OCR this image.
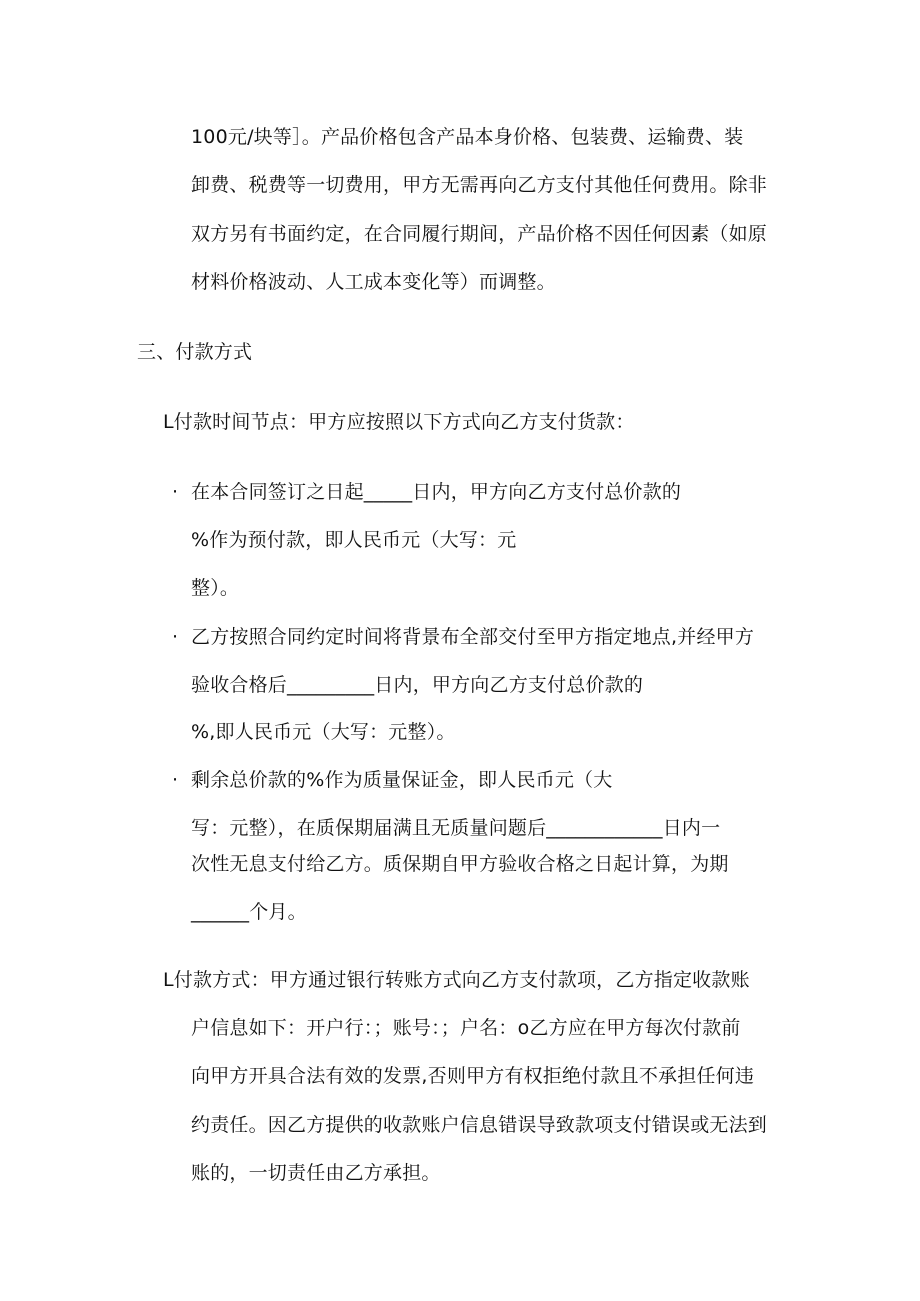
100元/块等］。产品价格包含产品本身价格、包装费、运输费、装
卸费、税费等一切费用，甲方无需再向乙方支付其他任何费用。除非
双方另有书面约定，在合同履行期间，产品价格不因任何因素（如原
材料价格波动、人工成本变化等）而调整。
三、付款方式
L付款时间节点：甲方应按照以下方式向乙方支付货款：
· 在本合同签订之日起_____日内，甲方向乙方支付总价款的
%作为预付款，即人民币元（大写：元
整）。
· 乙方按照合同约定时间将背景布全部交付至甲方指定地点,并经甲方
验收合格后_________日内，甲方向乙方支付总价款的
%,即人民币元（大写：元整）。
· 剩余总价款的%作为质量保证金，即人民币元（大
写：元整），在质保期届满且无质量问题后____________日内一
次性无息支付给乙方。质保期自甲方验收合格之日起计算，为期
______个月。
L付款方式：甲方通过银行转账方式向乙方支付款项，乙方指定收款账
户信息如下：开户行：；账号：；户名：o乙方应在甲方每次付款前
向甲方开具合法有效的发票,否则甲方有权拒绝付款且不承担任何违
约责任。因乙方提供的收款账户信息错误导致款项支付错误或无法到
账的，一切责任由乙方承担。
